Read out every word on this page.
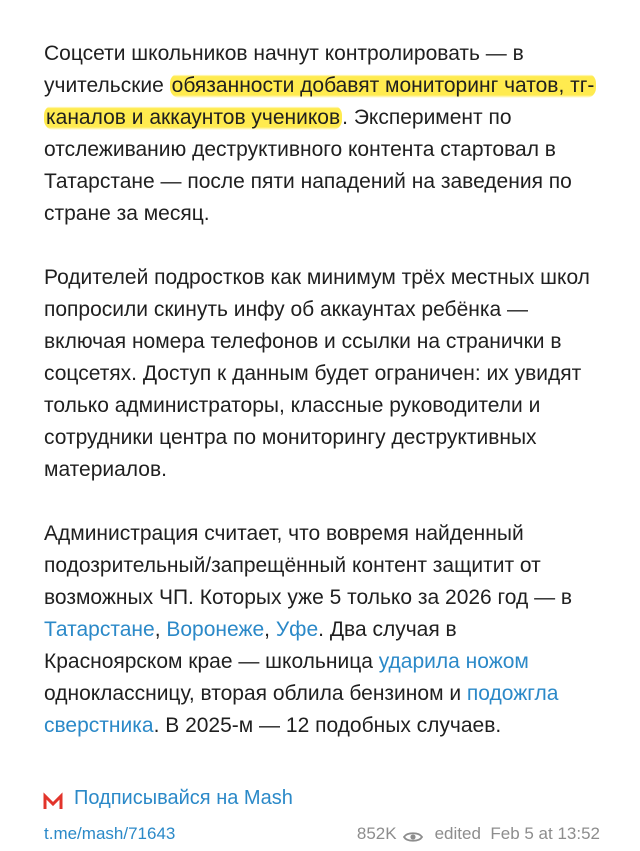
Соцсети школьников начнут контролировать — в учительские обязанности добавят мониторинг чатов, тг-каналов и аккаунтов учеников. Эксперимент по отслеживанию деструктивного контента стартовал в Татарстане — после пяти нападений на заведения по стране за месяц.

Родителей подростков как минимум трёх местных школ попросили скинуть инфу об аккаунтах ребёнка — включая номера телефонов и ссылки на странички в соцсетях. Доступ к данным будет ограничен: их увидят только администраторы, классные руководители и сотрудники центра по мониторингу деструктивных материалов.

Администрация считает, что вовремя найденный подозрительный/запрещённый контент защитит от возможных ЧП. Которых уже 5 только за 2026 год — в Татарстане, Воронеже, Уфе. Два случая в Красноярском крае — школьница ударила ножом одноклассницу, вторая облила бензином и подожгла сверстника. В 2025-м — 12 подобных случаев.

Подписывайся на Mash
t.me/mash/71643	852K edited  Feb 5 at 13:52
